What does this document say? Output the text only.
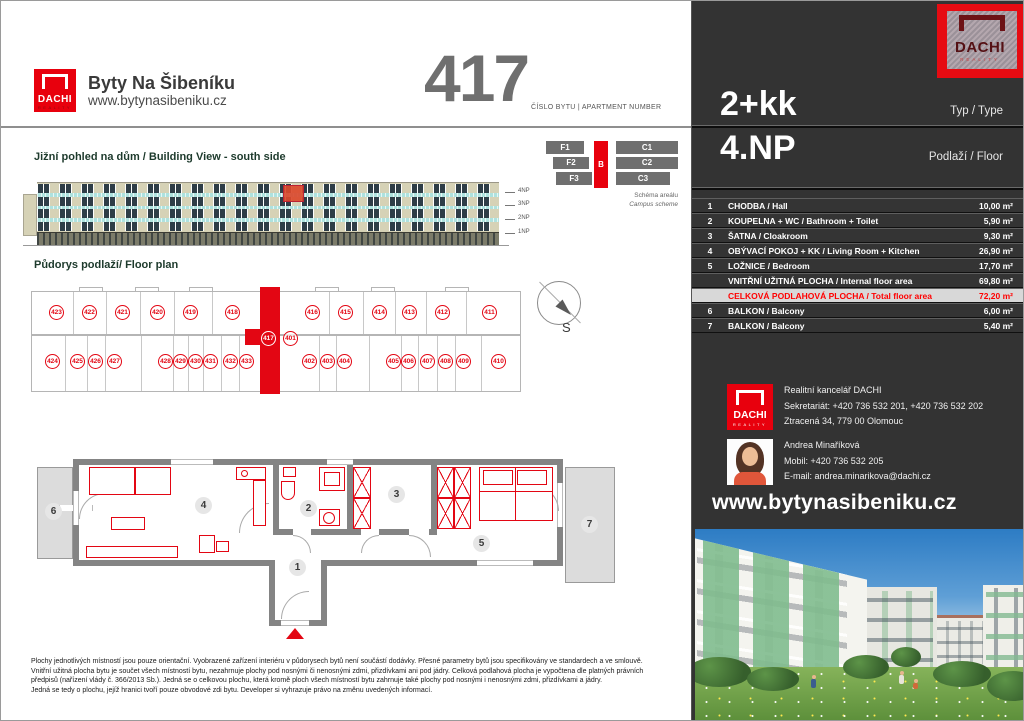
DACHI
REALITY
Byty Na Šibeníku
www.bytynasibeniku.cz	417 ČÍSLO BYTU | APARTMENT NUMBER
Jižní pohled na dům / Building View - south side
4NP
3NP
2NP
1NP
F1
F2
F3
B
C1
C2
C3
Schéma areálu
Campus scheme
Půdorys podlaží/ Floor plan
423	422	421	420	419	418	416	415	414	413	412	411
417	401
424	425	426	427	428 429 430 431	432 433	402	403 404	405 406	407	408	409	410
S
1
2
3
4
5
6
7
Plochy jednotlivých místností jsou pouze orientační. Vyobrazené zařízení interiéru v půdorysech bytů není součástí dodávky. Přesné parametry bytů jsou specifikovány ve standardech a ve smlouvě.
Vnitřní užitná plocha bytu je součet všech místností bytu, nezahrnuje plochy pod nosnými či nenosnými zdmi, přizdívkami ani pod jádry. Celková podlahová plocha je vypočtena dle platných právních
předpisů (nařízení vlády č. 366/2013 Sb.). Jedná se o celkovou plochu, která kromě ploch všech místností bytu zahrnuje také plochy pod nosnými i nenosnými zdmi, přizdívkami a jádry.
Jedná se tedy o plochu, jejíž hranici tvoří pouze obvodové zdi bytu. Developer si vyhrazuje právo na změnu uvedených informací.
DACHI
REALITY
2+kk	Typ / Type
4.NP	Podlaží / Floor
1	CHODBA / Hall	10,00 m²
2	KOUPELNA + WC / Bathroom + Toilet	5,90 m²
3	ŠATNA / Cloakroom	9,30 m²
4	OBÝVACÍ POKOJ + KK / Living Room + Kitchen	26,90 m²
5	LOŽNICE / Bedroom	17,70 m²
VNITŘNÍ UŽITNÁ PLOCHA / Internal floor area	69,80 m²
CELKOVÁ PODLAHOVÁ PLOCHA / Total floor area	72,20 m²
6	BALKON / Balcony	6,00 m²
7	BALKON / Balcony	5,40 m²
DACHI
REALITY
Realitní kancelář DACHI
Sekretariát: +420 736 532 201, +420 736 532 202
Ztracená 34, 779 00 Olomouc
Andrea Minaříková
Mobil: +420 736 532 205
E-mail: andrea.minarikova@dachi.cz
www.bytynasibeniku.cz
